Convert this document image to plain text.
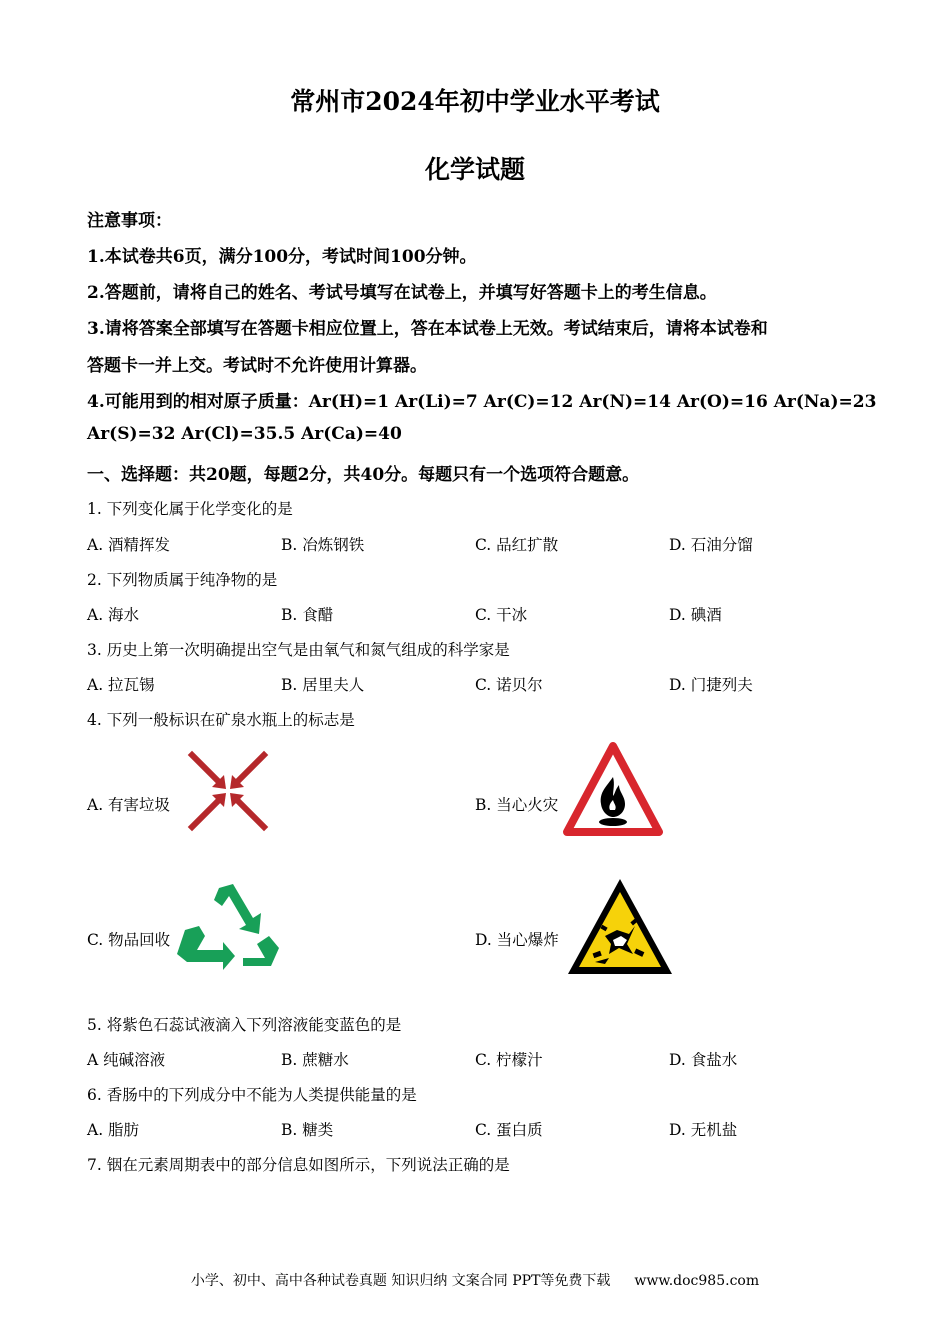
常州市2024年初中学业水平考试
化学试题
注意事项：
1.本试卷共6页，满分100分，考试时间100分钟。
2.答题前，请将自己的姓名、考试号填写在试卷上，并填写好答题卡上的考生信息。
3.请将答案全部填写在答题卡相应位置上，答在本试卷上无效。考试结束后，请将本试卷和
答题卡一并上交。考试时不允许使用计算器。
4.可能用到的相对原子质量：Ar(H)=1 Ar(Li)=7 Ar(C)=12 Ar(N)=14 Ar(O)=16 Ar(Na)=23
Ar(S)=32 Ar(Cl)=35.5 Ar(Ca)=40
一、选择题：共20题，每题2分，共40分。每题只有一个选项符合题意。
1. 下列变化属于化学变化的是
A. 酒精挥发	B. 冶炼钢铁	C. 品红扩散	D. 石油分馏
2. 下列物质属于纯净物的是
A. 海水	B. 食醋	C. 干冰	D. 碘酒
3. 历史上第一次明确提出空气是由氧气和氮气组成的科学家是
A. 拉瓦锡	B. 居里夫人	C. 诺贝尔	D. 门捷列夫
4. 下列一般标识在矿泉水瓶上的标志是
A. 有害垃圾	B. 当心火灾
C. 物品回收	D. 当心爆炸
5. 将紫色石蕊试液滴入下列溶液能变蓝色的是
A 纯碱溶液	B. 蔗糖水	C. 柠檬汁	D. 食盐水
6. 香肠中的下列成分中不能为人类提供能量的是
A. 脂肪	B. 糖类	C. 蛋白质	D. 无机盐
7. 铟在元素周期表中的部分信息如图所示，下列说法正确的是
小学、初中、高中各种试卷真题 知识归纳 文案合同 PPT等免费下载 www.doc985.com
